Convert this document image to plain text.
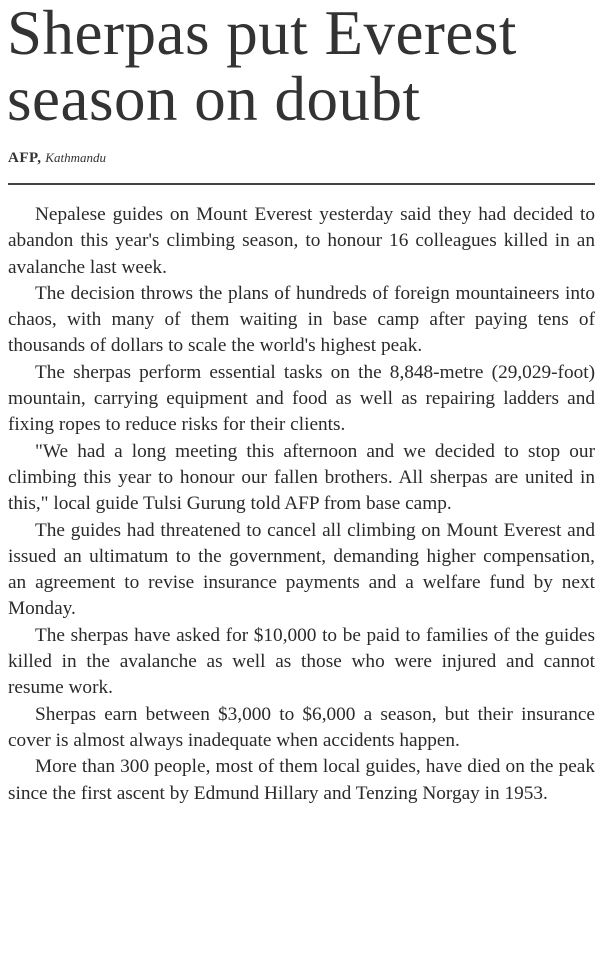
Sherpas put Everest season on doubt
AFP, Kathmandu

Nepalese guides on Mount Everest yesterday said they had decided to abandon this year's climbing season, to honour 16 colleagues killed in an avalanche last week.

The decision throws the plans of hundreds of foreign mountaineers into chaos, with many of them waiting in base camp after paying tens of thousands of dollars to scale the world's highest peak.

The sherpas perform essential tasks on the 8,848-metre (29,029-foot) mountain, carrying equipment and food as well as repairing ladders and fixing ropes to reduce risks for their clients.

"We had a long meeting this afternoon and we decided to stop our climbing this year to honour our fallen brothers. All sherpas are united in this," local guide Tulsi Gurung told AFP from base camp.

The guides had threatened to cancel all climbing on Mount Everest and issued an ultimatum to the government, demanding higher compensation, an agreement to revise insurance payments and a welfare fund by next Monday.

The sherpas have asked for $10,000 to be paid to families of the guides killed in the avalanche as well as those who were injured and cannot resume work.

Sherpas earn between $3,000 to $6,000 a season, but their insurance cover is almost always inadequate when accidents happen.

More than 300 people, most of them local guides, have died on the peak since the first ascent by Edmund Hillary and Tenzing Norgay in 1953.
